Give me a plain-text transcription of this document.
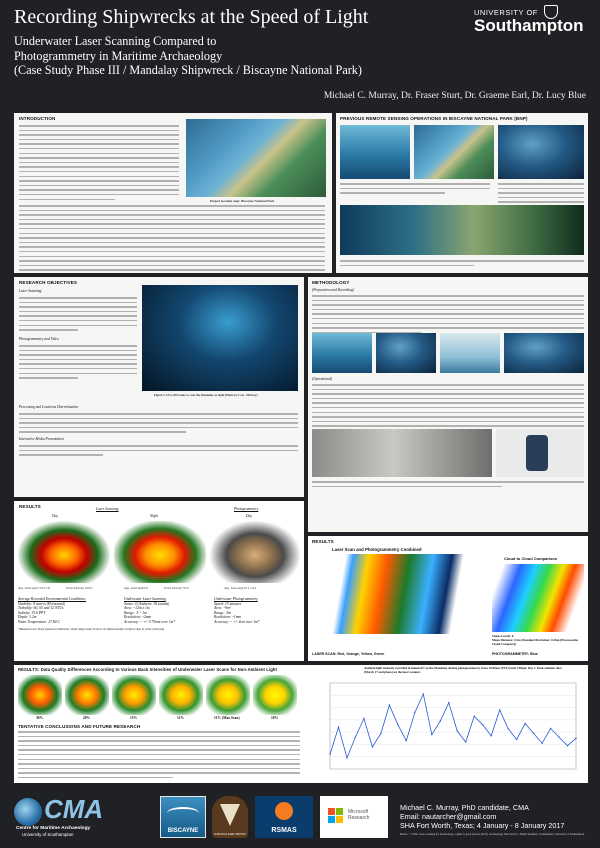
Recording Shipwrecks at the Speed of Light
Underwater Laser Scanning Compared to
Photogrammetry in Maritime Archaeology
(Case Study Phase III / Mandalay Shipwreck / Biscayne National Park)
UNIVERSITY OF
Southampton
Michael C. Murray, Dr. Fraser Sturt, Dr. Graeme Earl, Dr. Lucy Blue
INTRODUCTION
Project location map: Biscayne National Park
PREVIOUS REMOTE SENSING OPERATIONS IN BISCAYNE NATIONAL PARK (BNP)
RESEARCH OBJECTIVES
Laser Scanning
Photogrammetry and Video
Figure 5. ULS-200 ready to scan the Mandalay at night (Photo by Lott - Murray)
Processing and Locations Determination
Interactive Media Presentation
METHODOLOGY
(Preparation and Recording)
(Operational)
RESULTS	Laser Scanning	Photogrammetry
Day	Night	Day
Avg. Lateral@7.013 241	Point Density 100%	Avg. Lateral@9.8	Point Density 52%	Avg. Lateral@15.1 1114
Average Recorded Environmental Conditions:
Visibility: 8 meters (Horizontal)
Turbidity: 60, 65 and 32 NTUs
Salinity: 35.6 PPT
Depth: 3.2m
Water Temperature: 27.84 C
Underwater Laser Scanning
Scans: 4 (Ambient: 18 sounds)
Area: ~12m x 1m
Range: .5 ~ 1m
Resolution: ~2mm
Accuracy: ~ +/- 3.75mm over 1m*
Underwater Photogrammetry
Speed: 15 minutes
Area: ~9m²
Range: .5m
Resolution: ~1mm
Accuracy: ~ +/- 4cm over 1m*
*Measures are those found at millimeter sized ridges and crevices on flattened/disc surfaces due to color texturing
RESULTS
Laser Scan and Photogrammetry Combined
Cloud to Cloud Comparison
Status Levels: 6
Mean Distance: 0.2m (Standard Deviation: 0.26m (Processed in Cloud Compare))
LASER SCAN: Red, Orange, Yellow, Green	PHOTOGRAMMETRY: Blue
RESULTS: Data Quality Differences According to Various Back Intensities of Underwater Laser Scans for Non-Ambient Light
30%	20%	15%	11%	11% (Max Scan)	10%
TENTATIVE CONCLUSIONS AND FUTURE RESEARCH
Ambient light intensity recorded in lumens/ft² on the Mandalay during photogrammetry from 10:00am (EST) until 1:00pm. Day 1. Peak ambient dust (March 17 and photo) on the laser scanner.
CMA
Centre for Maritime Archaeology
University of Southampton
BISCAYNE
NATIONAL PARK SERVICE
RSMAS
Microsoft Research
Michael C. Murray, PhD candidate, CMA
Email: nautarcher@gmail.com
SHA Fort Worth, Texas; 4 January - 8 January 2017
Photos: © CMA. Laser scanning for Archaeology, a guide to good practice (2011). Archaeology Data Service / Digital Antiquity. Southampton, University of Southampton.
